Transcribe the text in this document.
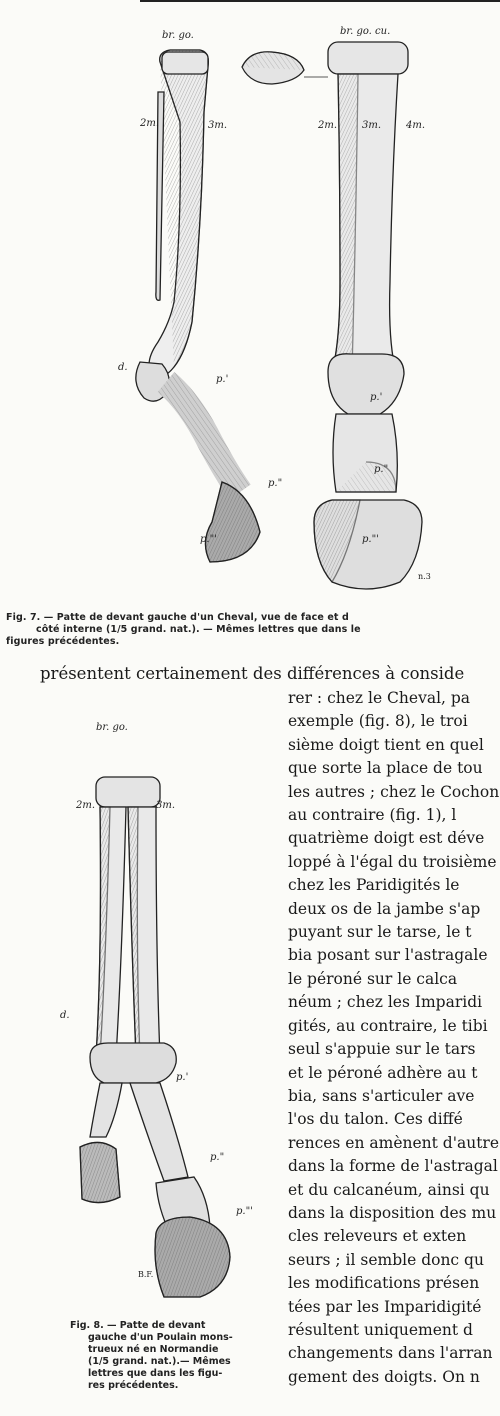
br. go.	br. go. cu.
2m.	3m.	2m. 3m. 4m.
d.
p.'
p."
p."'
p.'
p."
p."'
n.3
Fig. 7. — Patte de devant gauche d'un Cheval, vue de face et d
côté interne (1/5 grand. nat.). — Mêmes lettres que dans le
figures précédentes.
présentent certainement des différences à conside
br. go.
2m.	3m.
d.
p.'
p."
p."'
B.F.
Fig. 8. — Patte de devant
gauche d'un Poulain mons-
trueux né en Normandie
(1/5 grand. nat.).— Mêmes
lettres que dans les figu-
res précédentes.
rer : chez le Cheval, pa
exemple (fig. 8), le troi
sième doigt tient en quel
que sorte la place de tou
les autres ; chez le Cochon
au contraire (fig. 1), l
quatrième doigt est déve
loppé à l'égal du troisième
chez les Paridigités le
deux os de la jambe s'ap
puyant sur le tarse, le t
bia posant sur l'astragale
le péroné sur le calca
néum ; chez les Imparidi
gités, au contraire, le tibi
seul s'appuie sur le tars
et le péroné adhère au t
bia, sans s'articuler ave
l'os du talon. Ces diffé
rences en amènent d'autre
dans la forme de l'astragal
et du calcanéum, ainsi qu
dans la disposition des mu
cles releveurs et exten
seurs ; il semble donc qu
les modifications présen
tées par les Imparidigité
résultent uniquement d
changements dans l'arran
gement des doigts. On n
